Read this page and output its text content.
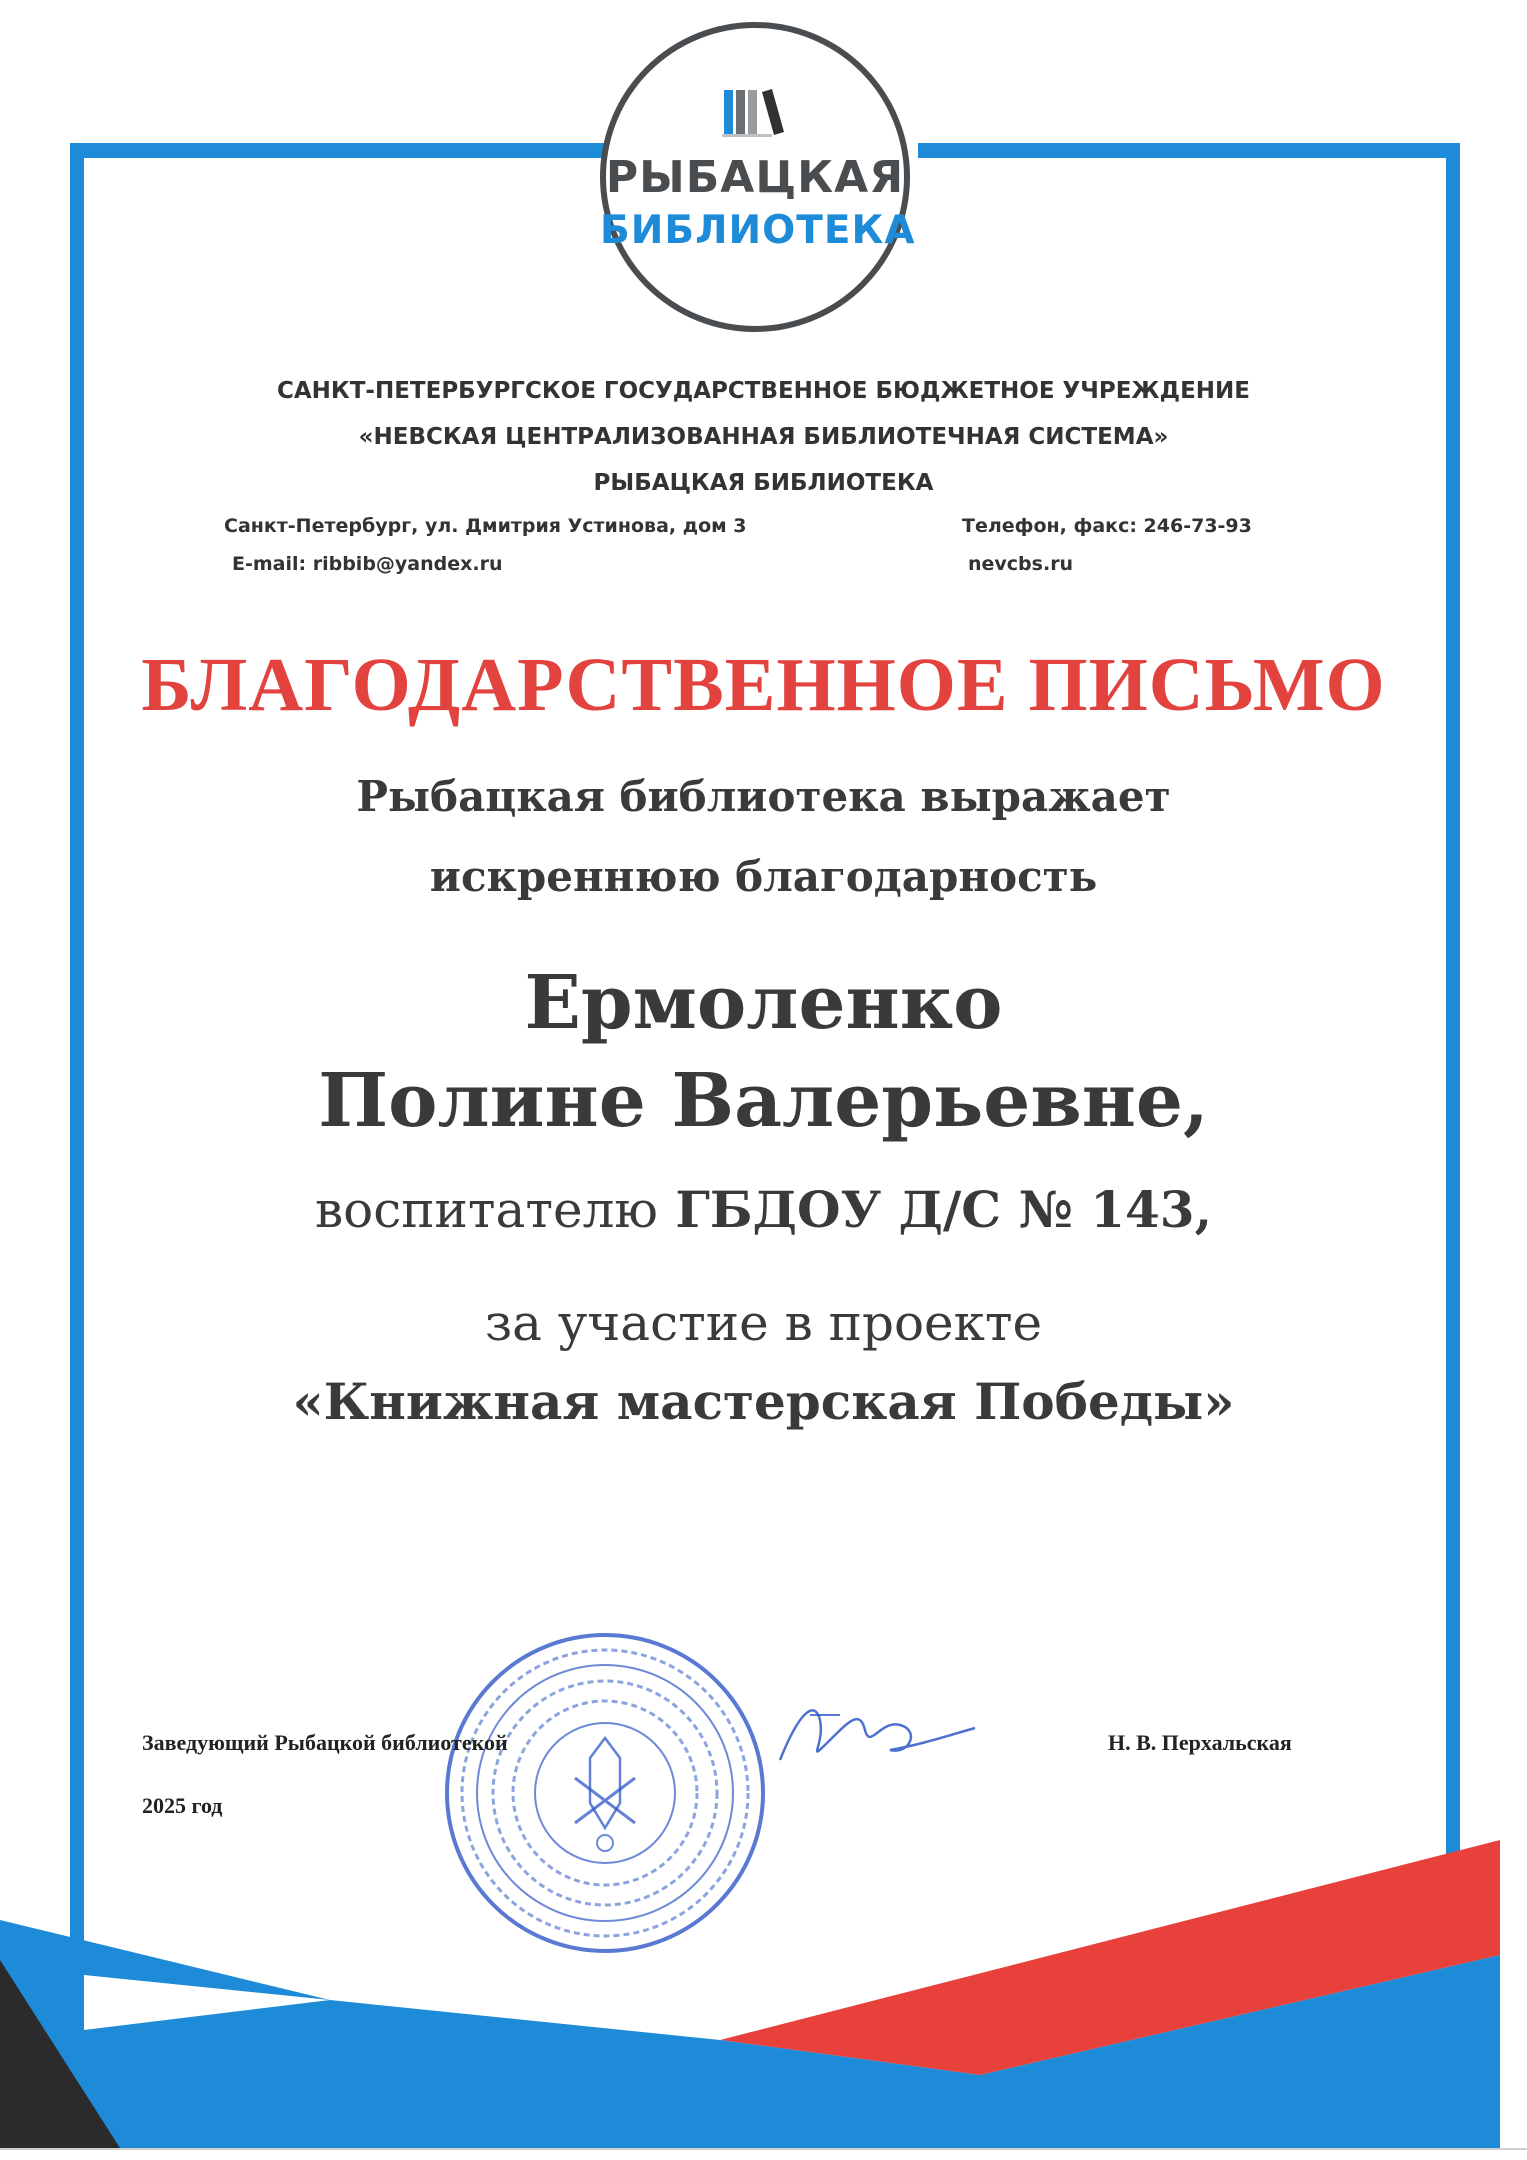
РЫБАЦКАЯ
БИБЛИОТЕКА
САНКТ-ПЕТЕРБУРГСКОЕ ГОСУДАРСТВЕННОЕ БЮДЖЕТНОЕ УЧРЕЖДЕНИЕ
«НЕВСКАЯ ЦЕНТРАЛИЗОВАННАЯ БИБЛИОТЕЧНАЯ СИСТЕМА»
РЫБАЦКАЯ БИБЛИОТЕКА
Санкт-Петербург, ул. Дмитрия Устинова, дом 3	Телефон, факс: 246-73-93
E-mail: ribbib@yandex.ru	nevcbs.ru
БЛАГОДАРСТВЕННОЕ ПИСЬМО
Рыбацкая библиотека выражает
искреннюю благодарность
Ермоленко
Полине Валерьевне,
воспитателю ГБДОУ Д/С № 143,
за участие в проекте
«Книжная мастерская Победы»
Заведующий Рыбацкой библиотекой	Н. В. Перхальская
2025 год
